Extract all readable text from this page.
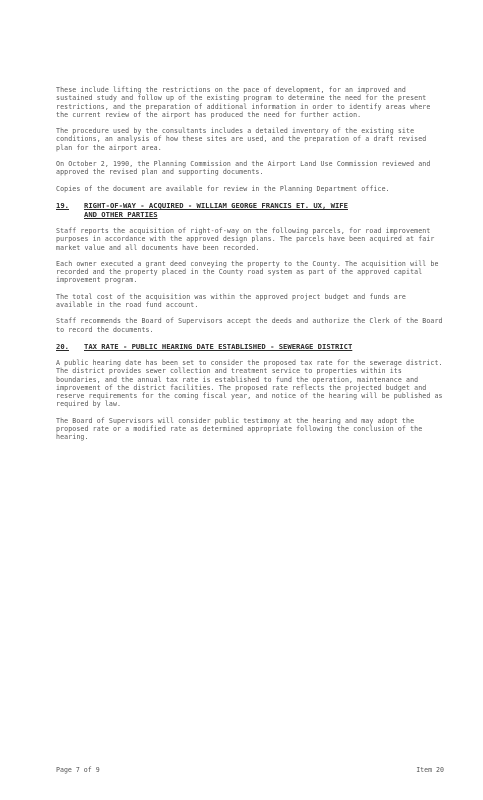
These include lifting the restrictions on the pace of development, for an improved and sustained study and follow up of the existing program to determine the need for the present restrictions, and the preparation of additional information in order to identify areas where the current review of the airport has produced the need for further action.

The procedure used by the consultants includes a detailed inventory of the existing site conditions, an analysis of how these sites are used, and the preparation of a draft revised plan for the airport area.

On October 2, 1990, the Planning Commission and the Airport Land Use Commission reviewed and approved the revised plan and supporting documents.

Copies of the document are available for review in the Planning Department office.

19. RIGHT-OF-WAY - ACQUIRED - WILLIAM GEORGE FRANCIS ET. UX, WIFE
AND OTHER PARTIES

Staff reports the acquisition of right-of-way on the following parcels, for road improvement purposes in accordance with the approved design plans. The parcels have been acquired at fair market value and all documents have been recorded.

Each owner executed a grant deed conveying the property to the County. The acquisition will be recorded and the property placed in the County road system as part of the approved capital improvement program.

The total cost of the acquisition was within the approved project budget and funds are available in the road fund account.

Staff recommends the Board of Supervisors accept the deeds and authorize the Clerk of the Board to record the documents.

20. TAX RATE - PUBLIC HEARING DATE ESTABLISHED - SEWERAGE DISTRICT

A public hearing date has been set to consider the proposed tax rate for the sewerage district. The district provides sewer collection and treatment service to properties within its boundaries, and the annual tax rate is established to fund the operation, maintenance and improvement of the district facilities. The proposed rate reflects the projected budget and reserve requirements for the coming fiscal year, and notice of the hearing will be published as required by law.

The Board of Supervisors will consider public testimony at the hearing and may adopt the proposed rate or a modified rate as determined appropriate following the conclusion of the hearing.

Page 7 of 9	Item 20
